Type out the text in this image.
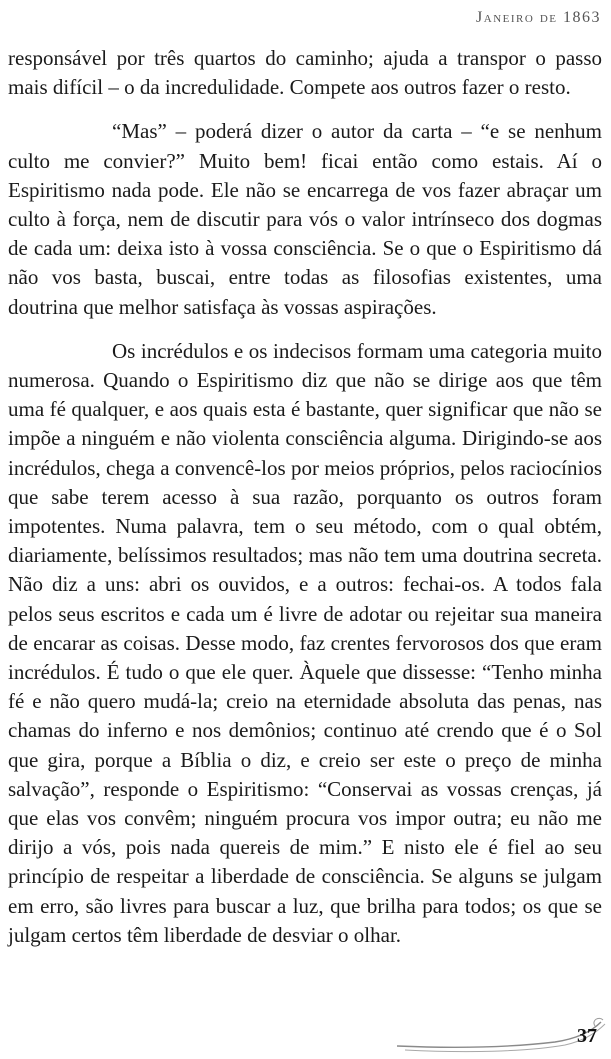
Janeiro de 1863

responsável por três quartos do caminho; ajuda a transpor o passo mais difícil – o da incredulidade. Compete aos outros fazer o resto.

“Mas” – poderá dizer o autor da carta – “e se nenhum culto me convier?” Muito bem! ficai então como estais. Aí o Espiritismo nada pode. Ele não se encarrega de vos fazer abraçar um culto à força, nem de discutir para vós o valor intrínseco dos dogmas de cada um: deixa isto à vossa consciência. Se o que o Espiritismo dá não vos basta, buscai, entre todas as filosofias existentes, uma doutrina que melhor satisfaça às vossas aspirações.

Os incrédulos e os indecisos formam uma categoria muito numerosa. Quando o Espiritismo diz que não se dirige aos que têm uma fé qualquer, e aos quais esta é bastante, quer significar que não se impõe a ninguém e não violenta consciência alguma. Dirigindo-se aos incrédulos, chega a convencê-los por meios próprios, pelos raciocínios que sabe terem acesso à sua razão, porquanto os outros foram impotentes. Numa palavra, tem o seu método, com o qual obtém, diariamente, belíssimos resultados; mas não tem uma doutrina secreta. Não diz a uns: abri os ouvidos, e a outros: fechai-os. A todos fala pelos seus escritos e cada um é livre de adotar ou rejeitar sua maneira de encarar as coisas. Desse modo, faz crentes fervorosos dos que eram incrédulos. É tudo o que ele quer. Àquele que dissesse: “Tenho minha fé e não quero mudá-la; creio na eternidade absoluta das penas, nas chamas do inferno e nos demônios; continuo até crendo que é o Sol que gira, porque a Bíblia o diz, e creio ser este o preço de minha salvação”, responde o Espiritismo: “Conservai as vossas crenças, já que elas vos convêm; ninguém procura vos impor outra; eu não me dirijo a vós, pois nada quereis de mim.” E nisto ele é fiel ao seu princípio de respeitar a liberdade de consciência. Se alguns se julgam em erro, são livres para buscar a luz, que brilha para todos; os que se julgam certos têm liberdade de desviar o olhar.

37
